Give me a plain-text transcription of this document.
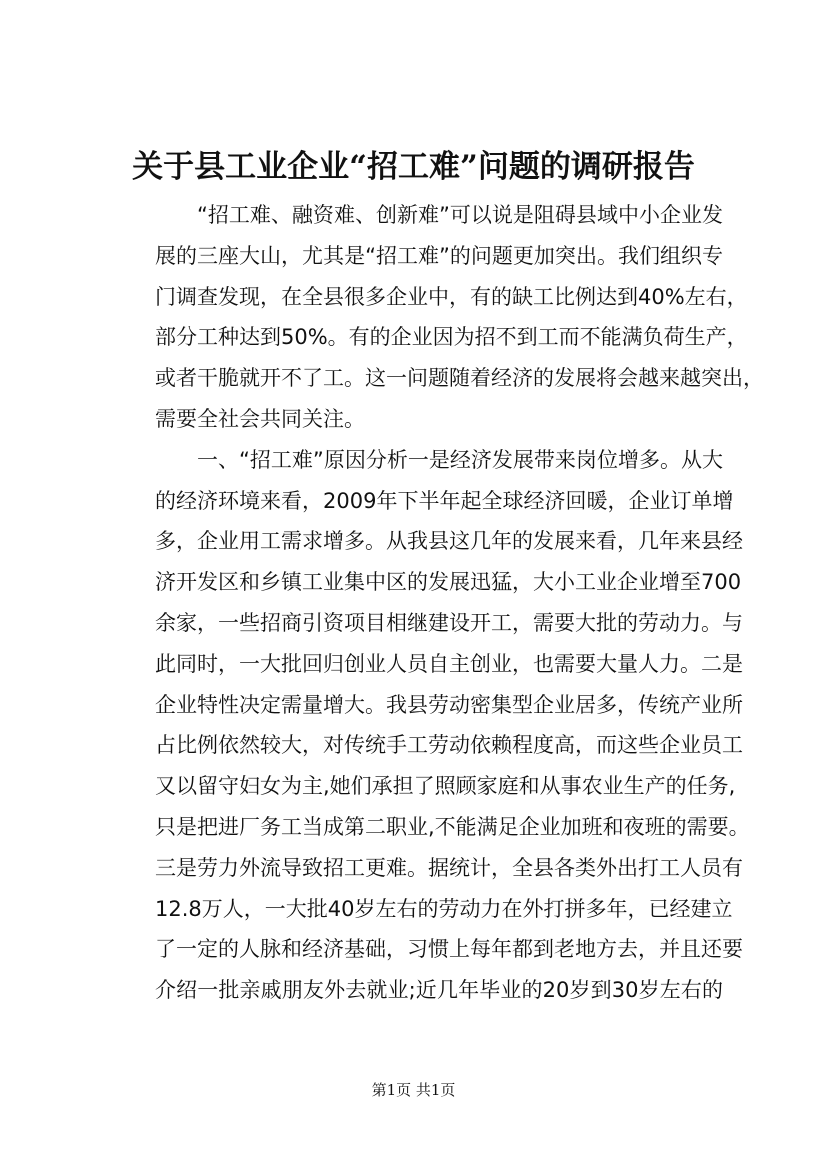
关于县工业企业“招工难”问题的调研报告
“招工难、融资难、创新难”可以说是阻碍县域中小企业发
展的三座大山，尤其是“招工难”的问题更加突出。我们组织专
门调查发现，在全县很多企业中，有的缺工比例达到40%左右，
部分工种达到50%。有的企业因为招不到工而不能满负荷生产，
或者干脆就开不了工。这一问题随着经济的发展将会越来越突出，
需要全社会共同关注。
一、“招工难”原因分析一是经济发展带来岗位增多。从大
的经济环境来看，2009年下半年起全球经济回暖，企业订单增
多，企业用工需求增多。从我县这几年的发展来看，几年来县经
济开发区和乡镇工业集中区的发展迅猛，大小工业企业增至700
余家，一些招商引资项目相继建设开工，需要大批的劳动力。与
此同时，一大批回归创业人员自主创业，也需要大量人力。二是
企业特性决定需量增大。我县劳动密集型企业居多，传统产业所
占比例依然较大，对传统手工劳动依赖程度高，而这些企业员工
又以留守妇女为主,她们承担了照顾家庭和从事农业生产的任务,
只是把进厂务工当成第二职业,不能满足企业加班和夜班的需要。
三是劳力外流导致招工更难。据统计，全县各类外出打工人员有
12.8万人，一大批40岁左右的劳动力在外打拼多年，已经建立
了一定的人脉和经济基础，习惯上每年都到老地方去，并且还要
介绍一批亲戚朋友外去就业;近几年毕业的20岁到30岁左右的
第1页 共1页
